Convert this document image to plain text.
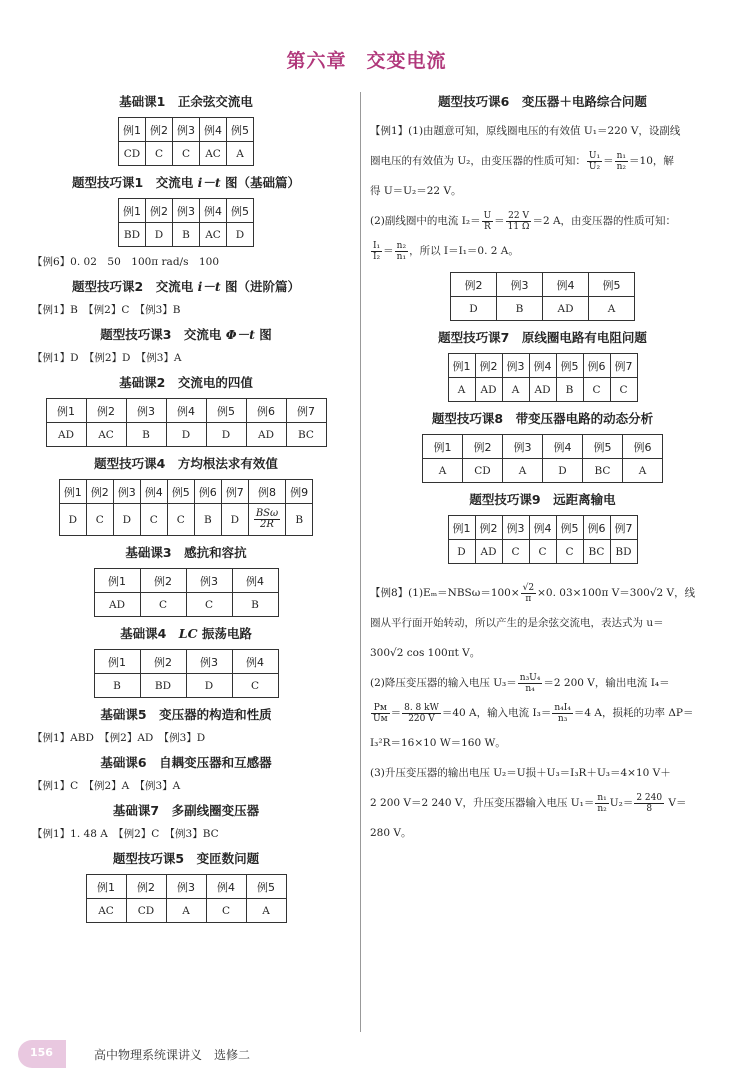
第六章　交变电流
基础课1　正余弦交流电
例1	例2	例3	例4	例5
CD	C	C	AC	A
题型技巧课1　交流电 i－t 图（基础篇）
例1	例2	例3	例4	例5
BD	D	B	AC	D
【例6】0. 02　50　100π rad/s　100
题型技巧课2　交流电 i－t 图（进阶篇）
【例1】B　【例2】C　【例3】B
题型技巧课3　交流电 Φ－t 图
【例1】D　【例2】D　【例3】A
基础课2　交流电的四值
例1	例2	例3	例4	例5	例6	例7
AD	AC	B	D	D	AD	BC
题型技巧课4　方均根法求有效值
例1	例2	例3	例4	例5	例6	例7	例8	例9
D	C	D	C	C	B	D	$\frac{\text{BSω}}{2R}$	B
基础课3　感抗和容抗
例1	例2	例3	例4
AD	C	C	B
基础课4　LC 振荡电路
例1	例2	例3	例4
B	BD	D	C
基础课5　变压器的构造和性质
【例1】ABD　【例2】AD　【例3】D
基础课6　自耦变压器和互感器
【例1】C　【例2】A　【例3】A
基础课7　多副线圈变压器
【例1】1. 48 A　【例2】C　【例3】BC
题型技巧课5　变匝数问题
例1	例2	例3	例4	例5
AC	CD	A	C	A
题型技巧课6　变压器＋电路综合问题
【例1】(1)由题意可知，原线圈电压的有效值 U₁＝220 V，设副线
圈电压的有效值为 U₂，由变压器的性质可知： $\frac{\text{U₁}}{\text{U₂}} = \frac{\text{n₁}}{\text{n₂}} =10$，解
得 U＝U₂＝22 V。
(2)副线圈中的电流 $I_2= \frac{U}{R} = \frac{22 V}{11 \Omega} =2$ A，由变压器的性质可知：
$\frac{\text{I₁}}{\text{I₂}} = \frac{\text{n₂}}{\text{n₁}}$ ，所以 I＝I₁＝0. 2 A。
例2	例3	例4	例5
D	B	AD	A
题型技巧课7　原线圈电路有电阻问题
例1	例2	例3	例4	例5	例6	例7
A	AD	A	AD	B	C	C
题型技巧课8　带变压器电路的动态分析
例1	例2	例3	例4	例5	例6
A	CD	A	D	BC	A
题型技巧课9　远距离输电
例1	例2	例3	例4	例5	例6	例7
D	AD	C	C	C	BC	BD
【例8】$(1)E_m=NBS\omega=100\times \frac{√2}{\pi} \times 0$. 03×100π V＝300√2 V，线
圈从平行面开始转动，所以产生的是余弦交流电，表达式为 u＝
300√2 cos 100πt V。
(2)降压变压器的输入电压 $U_3= \frac{\text{n₃U₄}}{\text{n₄}} =2$ 200 V，输出电流 I₄＝
$\frac{\text{Pᴍ}}{\text{Uᴍ}} = \frac{8. 8 kW}{220 V} =40$ A，输入电流 $I_3= \frac{\text{n₄I₄}}{\text{n₃}} =4$ A，损耗的功率 ΔP＝
I₃²R＝16×10 W＝160 W。
(3)升压变压器的输出电压 U₂＝U损＋U₃＝I₃R＋U₃＝4×10 V＋
2 200 V＝2 240 V，升压变压器输入电压 $U_1= \frac{\text{n₁}}{\text{n₂}} U_2= \frac{2 240}{8} V=$
280 V。
156	高中物理系统课讲义　选修二
